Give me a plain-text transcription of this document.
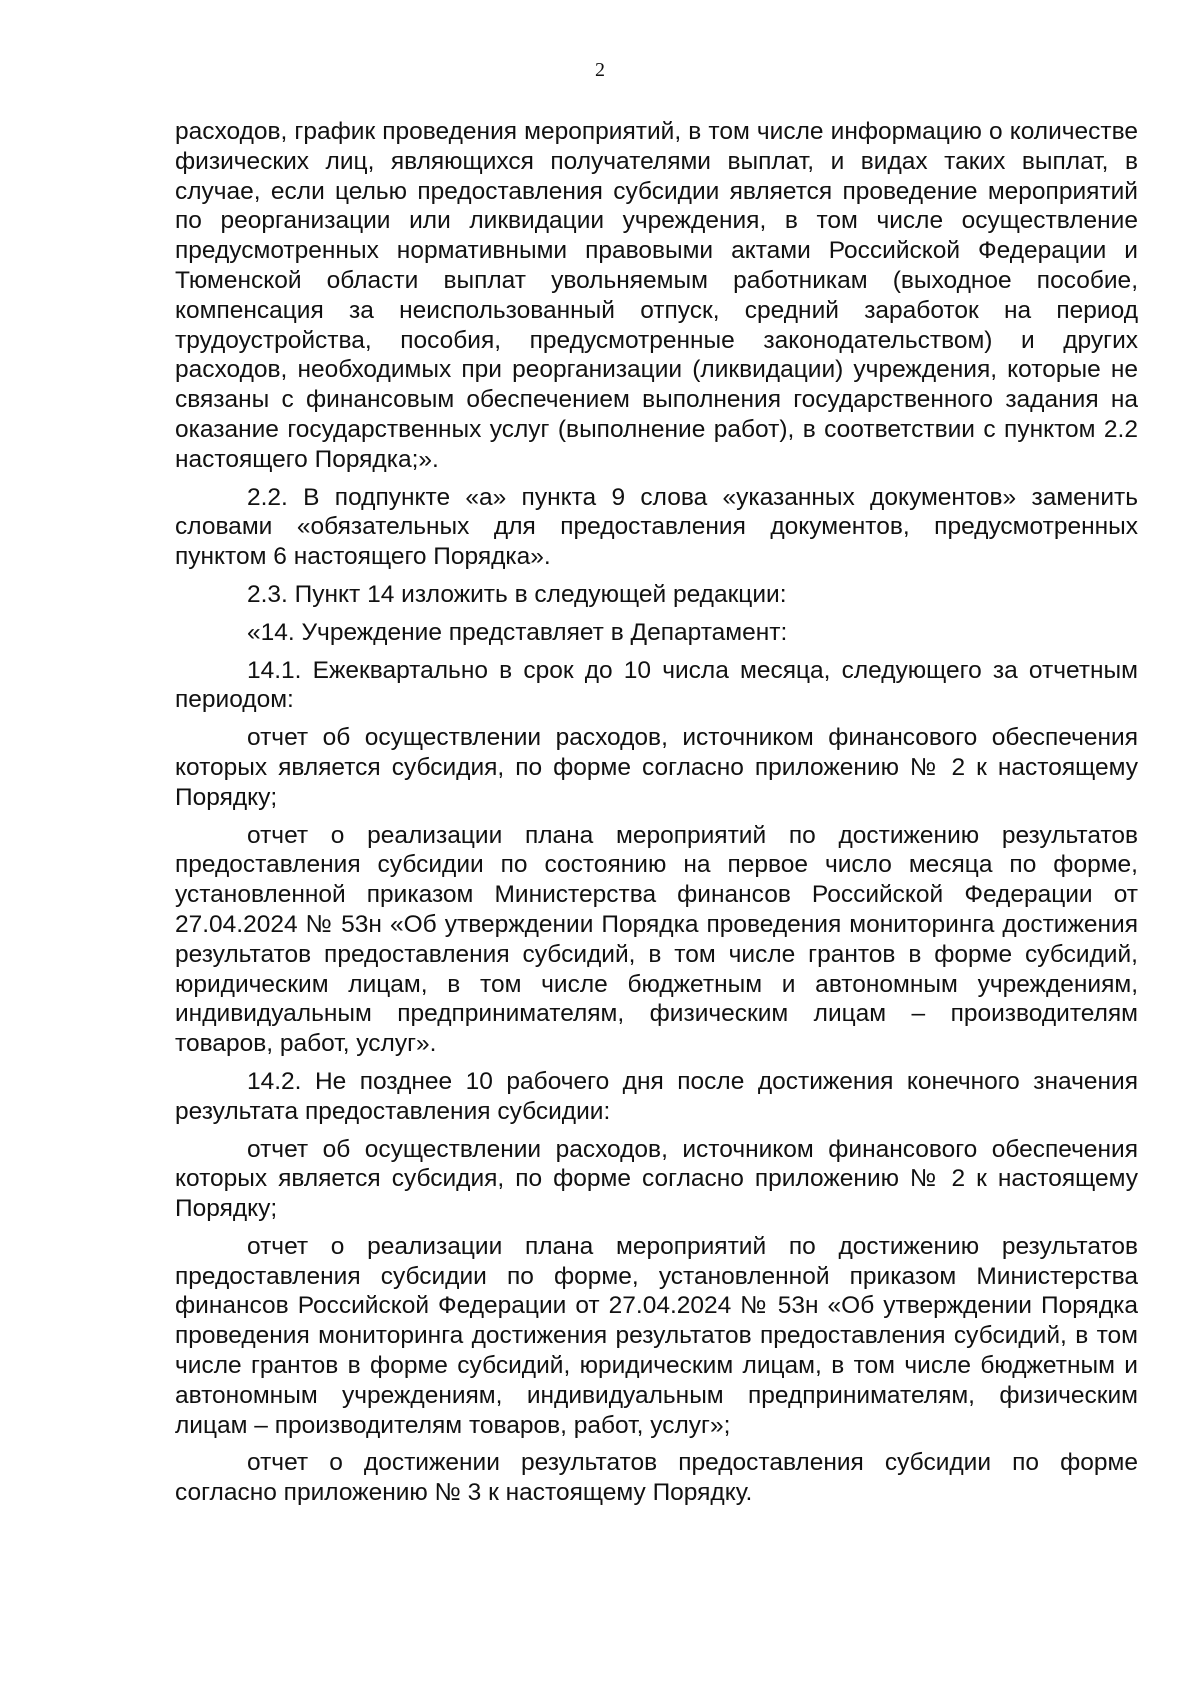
2

расходов, график проведения мероприятий, в том числе информацию о количестве физических лиц, являющихся получателями выплат, и видах таких выплат, в случае, если целью предоставления субсидии является проведение мероприятий по реорганизации или ликвидации учреждения, в том числе осуществление предусмотренных нормативными правовыми актами Российской Федерации и Тюменской области выплат увольняемым работникам (выходное пособие, компенсация за неиспользованный отпуск, средний заработок на период трудоустройства, пособия, предусмотренные законодательством) и других расходов, необходимых при реорганизации (ликвидации) учреждения, которые не связаны с финансовым обеспечением выполнения государственного задания на оказание государственных услуг (выполнение работ), в соответствии с пунктом 2.2 настоящего Порядка;».

2.2. В подпункте «а» пункта 9 слова «указанных документов» заменить словами «обязательных для предоставления документов, предусмотренных пунктом 6 настоящего Порядка».

2.3. Пункт 14 изложить в следующей редакции:

«14. Учреждение представляет в Департамент:

14.1. Ежеквартально в срок до 10 числа месяца, следующего за отчетным периодом:

отчет об осуществлении расходов, источником финансового обеспечения которых является субсидия, по форме согласно приложению № 2 к настоящему Порядку;

отчет о реализации плана мероприятий по достижению результатов предоставления субсидии по состоянию на первое число месяца по форме, установленной приказом Министерства финансов Российской Федерации от 27.04.2024 № 53н «Об утверждении Порядка проведения мониторинга достижения результатов предоставления субсидий, в том числе грантов в форме субсидий, юридическим лицам, в том числе бюджетным и автономным учреждениям, индивидуальным предпринимателям, физическим лицам – производителям товаров, работ, услуг».

14.2. Не позднее 10 рабочего дня после достижения конечного значения результата предоставления субсидии:

отчет об осуществлении расходов, источником финансового обеспечения которых является субсидия, по форме согласно приложению № 2 к настоящему Порядку;

отчет о реализации плана мероприятий по достижению результатов предоставления субсидии по форме, установленной приказом Министерства финансов Российской Федерации от 27.04.2024 № 53н «Об утверждении Порядка проведения мониторинга достижения результатов предоставления субсидий, в том числе грантов в форме субсидий, юридическим лицам, в том числе бюджетным и автономным учреждениям, индивидуальным предпринимателям, физическим лицам – производителям товаров, работ, услуг»;

отчет о достижении результатов предоставления субсидии по форме согласно приложению № 3 к настоящему Порядку.
